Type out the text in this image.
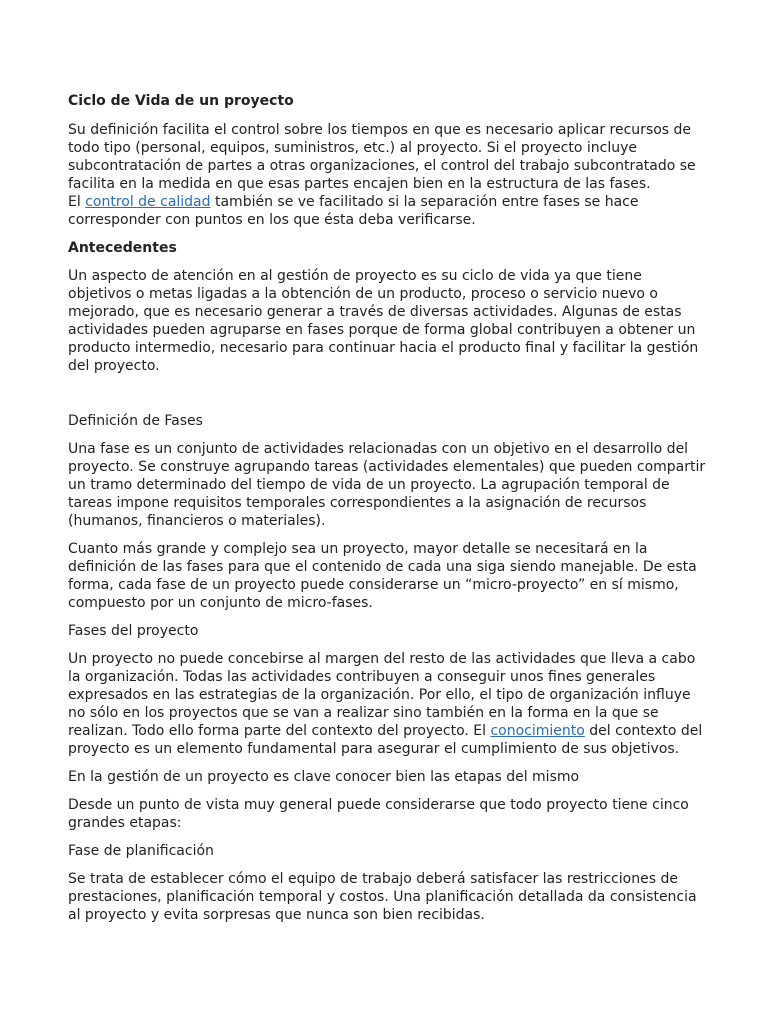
Ciclo de Vida de un proyecto
Su definición facilita el control sobre los tiempos en que es necesario aplicar recursos de
todo tipo (personal, equipos, suministros, etc.) al proyecto. Si el proyecto incluye
subcontratación de partes a otras organizaciones, el control del trabajo subcontratado se
facilita en la medida en que esas partes encajen bien en la estructura de las fases.
El control de calidad también se ve facilitado si la separación entre fases se hace
corresponder con puntos en los que ésta deba verificarse.
Antecedentes
Un aspecto de atención en al gestión de proyecto es su ciclo de vida ya que tiene
objetivos o metas ligadas a la obtención de un producto, proceso o servicio nuevo o
mejorado, que es necesario generar a través de diversas actividades. Algunas de estas
actividades pueden agruparse en fases porque de forma global contribuyen a obtener un
producto intermedio, necesario para continuar hacia el producto final y facilitar la gestión
del proyecto.
Definición de Fases
Una fase es un conjunto de actividades relacionadas con un objetivo en el desarrollo del
proyecto. Se construye agrupando tareas (actividades elementales) que pueden compartir
un tramo determinado del tiempo de vida de un proyecto. La agrupación temporal de
tareas impone requisitos temporales correspondientes a la asignación de recursos
(humanos, financieros o materiales).
Cuanto más grande y complejo sea un proyecto, mayor detalle se necesitará en la
definición de las fases para que el contenido de cada una siga siendo manejable. De esta
forma, cada fase de un proyecto puede considerarse un “micro-proyecto” en sí mismo,
compuesto por un conjunto de micro-fases.
Fases del proyecto
Un proyecto no puede concebirse al margen del resto de las actividades que lleva a cabo
la organización. Todas las actividades contribuyen a conseguir unos fines generales
expresados en las estrategias de la organización. Por ello, el tipo de organización influye
no sólo en los proyectos que se van a realizar sino también en la forma en la que se
realizan. Todo ello forma parte del contexto del proyecto. El conocimiento del contexto del
proyecto es un elemento fundamental para asegurar el cumplimiento de sus objetivos.
En la gestión de un proyecto es clave conocer bien las etapas del mismo
Desde un punto de vista muy general puede considerarse que todo proyecto tiene cinco
grandes etapas:
Fase de planificación
Se trata de establecer cómo el equipo de trabajo deberá satisfacer las restricciones de
prestaciones, planificación temporal y costos. Una planificación detallada da consistencia
al proyecto y evita sorpresas que nunca son bien recibidas.
